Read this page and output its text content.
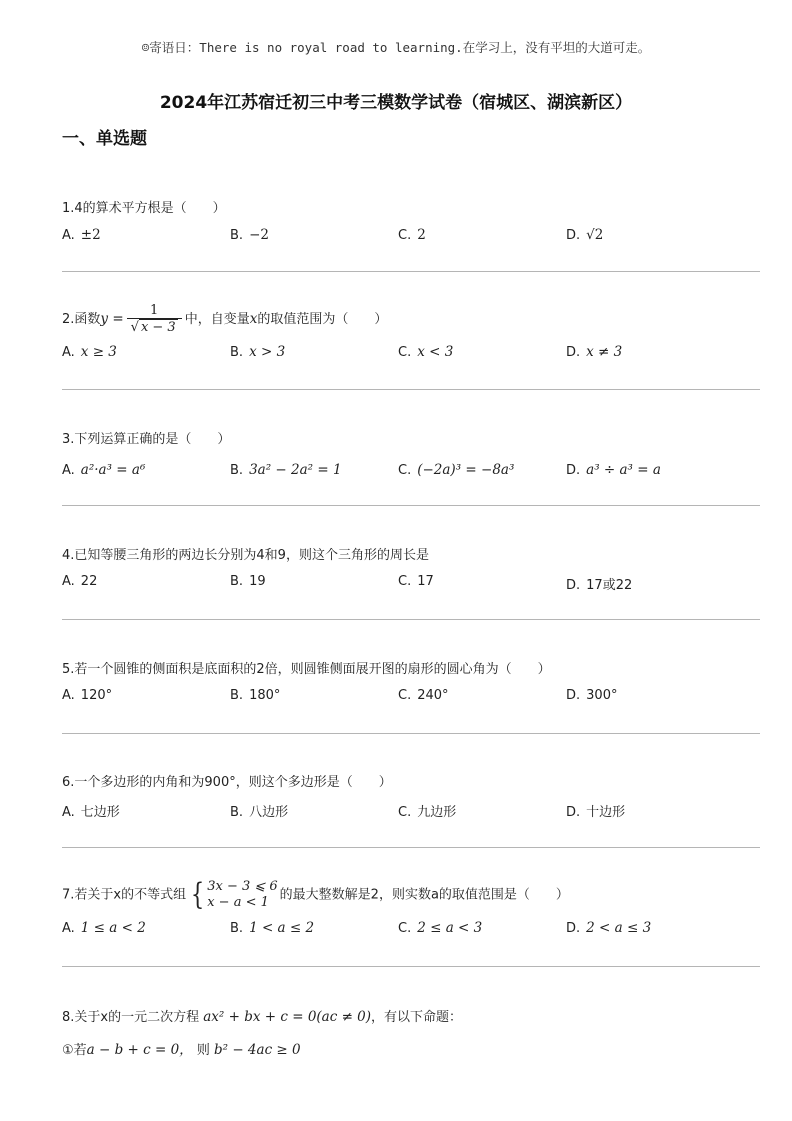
☺寄语日：There is no royal road to learning.在学习上，没有平坦的大道可走。
2024年江苏宿迁初三中考三模数学试卷（宿城区、湖滨新区）
一、单选题
1.4的算术平方根是（　　）
A. ±2	B. −2	C. 2	D. √2
2.函数$y = \frac{1}{√ x - 3}$ 中，自变量x的取值范围为（　　）
A. x ≥ 3	B. x > 3	C. x < 3	D. x ≠ 3
3.下列运算正确的是（　　）
A. a²·a³ = a⁶	B. 3a² − 2a² = 1	C. (−2a)³ = −8a³	D. a³ ÷ a³ = a
4.已知等腰三角形的两边长分别为4和9，则这个三角形的周长是
A. 22	B. 19	C. 17	D. 17或22
5.若一个圆锥的侧面积是底面积的2倍，则圆锥侧面展开图的扇形的圆心角为（　　）
A. 120°	B. 180°	C. 240°	D. 300°
6.一个多边形的内角和为900°，则这个多边形是（　　）
A. 七边形	B. 八边形	C. 九边形	D. 十边形
7.若关于x的不等式组 { 3x − 3 ⩽ 6
x − a < 1 的最大整数解是2，则实数a的取值范围是（　　）
A. 1 ≤ a < 2	B. 1 < a ≤ 2	C. 2 ≤ a < 3	D. 2 < a ≤ 3
8.关于x的一元二次方程 ax² + bx + c = 0(ac ≠ 0)，有以下命题：
①若a − b + c = 0， 则 b² − 4ac ≥ 0
